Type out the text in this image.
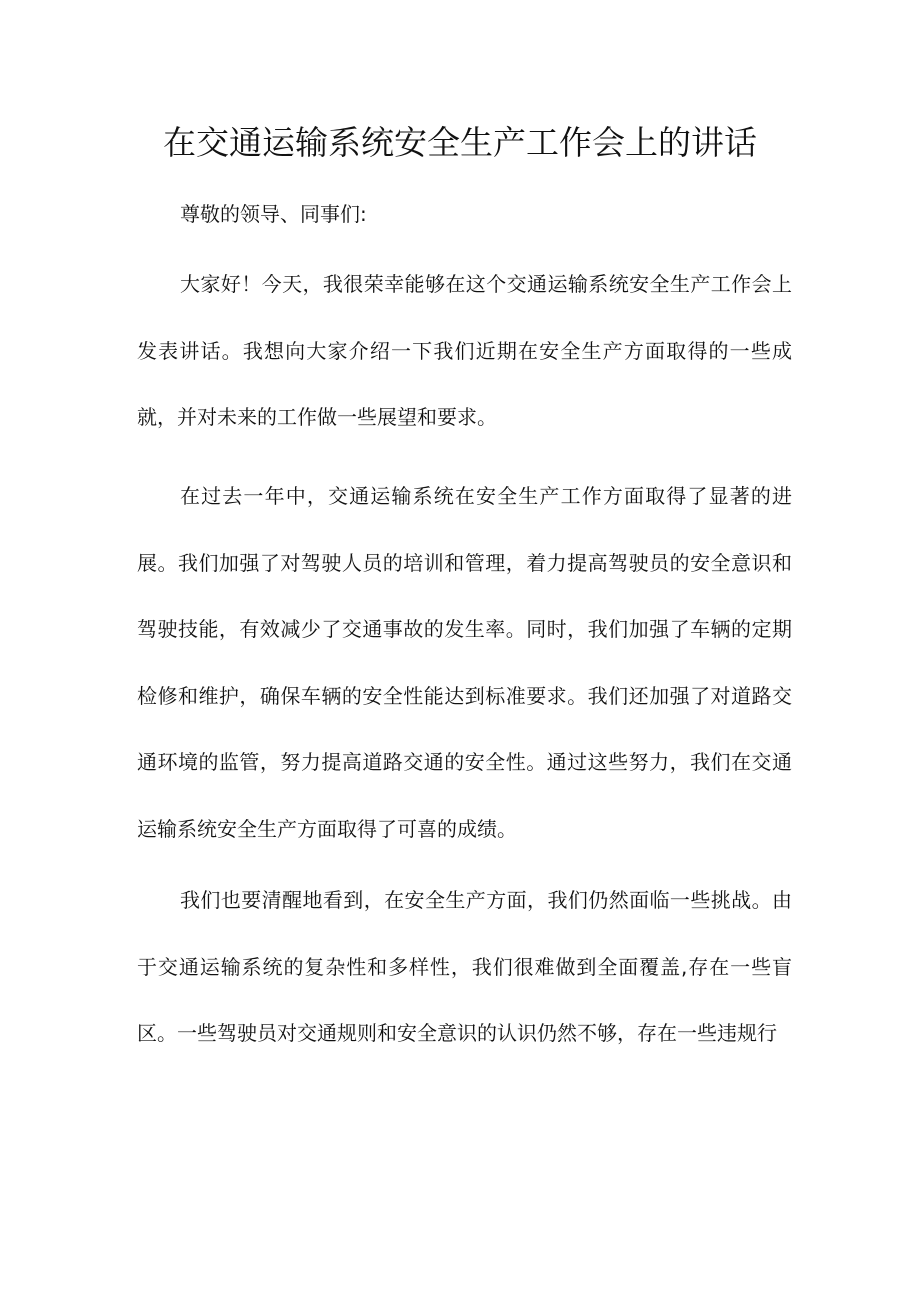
在交通运输系统安全生产工作会上的讲话

尊敬的领导、同事们:

大家好！今天，我很荣幸能够在这个交通运输系统安全生产工作会上发表讲话。我想向大家介绍一下我们近期在安全生产方面取得的一些成就，并对未来的工作做一些展望和要求。

在过去一年中，交通运输系统在安全生产工作方面取得了显著的进展。我们加强了对驾驶人员的培训和管理，着力提高驾驶员的安全意识和驾驶技能，有效减少了交通事故的发生率。同时，我们加强了车辆的定期检修和维护，确保车辆的安全性能达到标准要求。我们还加强了对道路交通环境的监管，努力提高道路交通的安全性。通过这些努力，我们在交通运输系统安全生产方面取得了可喜的成绩。

我们也要清醒地看到，在安全生产方面，我们仍然面临一些挑战。由于交通运输系统的复杂性和多样性，我们很难做到全面覆盖,存在一些盲区。一些驾驶员对交通规则和安全意识的认识仍然不够，存在一些违规行
